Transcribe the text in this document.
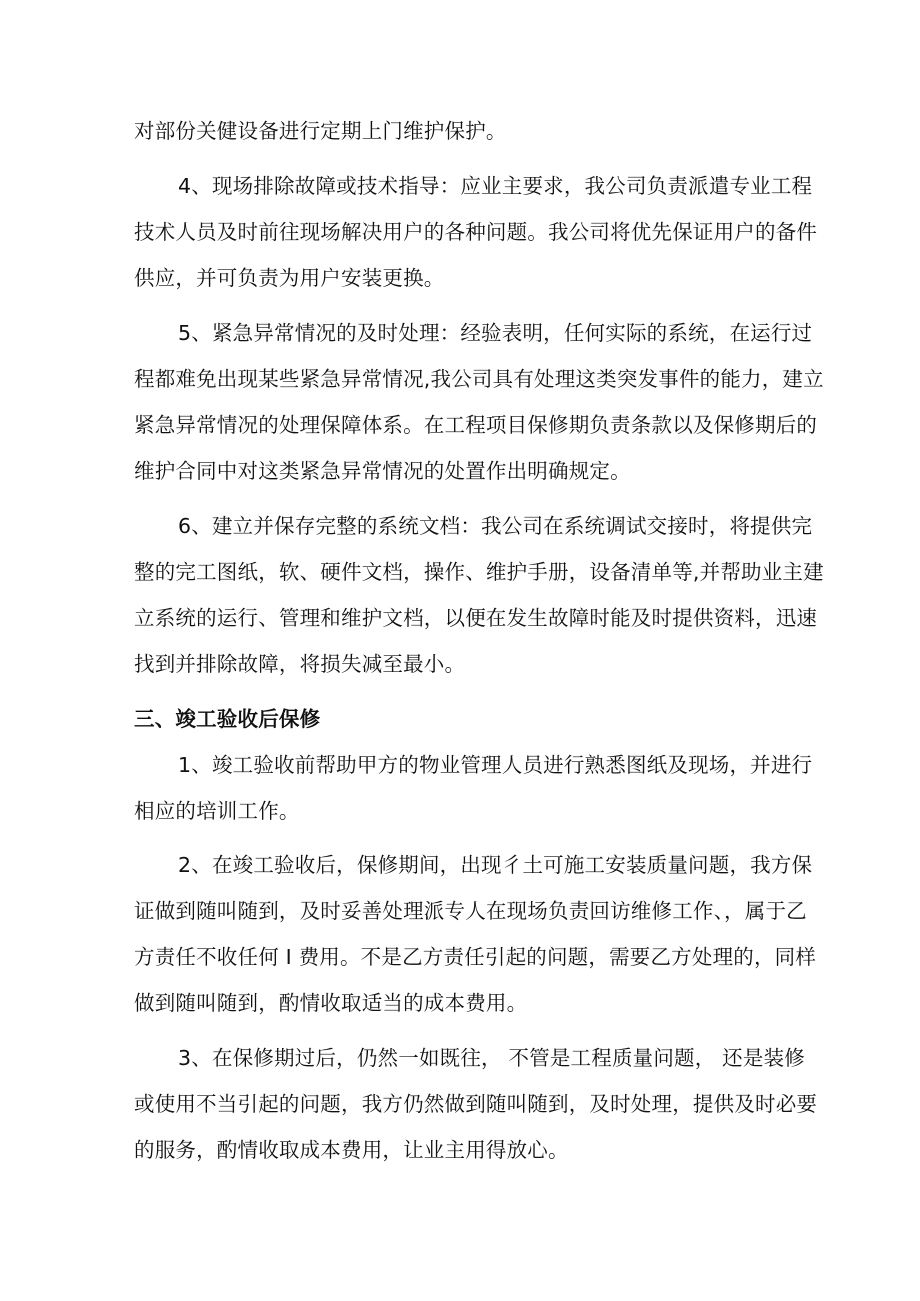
对部份关健设备进行定期上门维护保护。
4、现场排除故障或技术指导：应业主要求，我公司负责派遣专业工程
技术人员及时前往现场解决用户的各种问题。我公司将优先保证用户的备件
供应，并可负责为用户安装更换。
5、紧急异常情况的及时处理：经验表明，任何实际的系统，在运行过
程都难免出现某些紧急异常情况,我公司具有处理这类突发事件的能力，建立
紧急异常情况的处理保障体系。在工程项目保修期负责条款以及保修期后的
维护合同中对这类紧急异常情况的处置作出明确规定。
6、建立并保存完整的系统文档：我公司在系统调试交接时，将提供完
整的完工图纸，软、硬件文档，操作、维护手册，设备清单等,并帮助业主建
立系统的运行、管理和维护文档，以便在发生故障时能及时提供资料，迅速
找到并排除故障，将损失减至最小。
三、竣工验收后保修
1、竣工验收前帮助甲方的物业管理人员进行熟悉图纸及现场，并进行
相应的培训工作。
2、在竣工验收后，保修期间，出现彳土可施工安装质量问题，我方保
证做到随叫随到，及时妥善处理派专人在现场负责回访维修工作、，属于乙
方责任不收任何 I 费用。不是乙方责任引起的问题，需要乙方处理的，同样
做到随叫随到，酌情收取适当的成本费用。
3、在保修期过后，仍然一如既往， 不管是工程质量问题， 还是装修
或使用不当引起的问题，我方仍然做到随叫随到，及时处理，提供及时必要
的服务，酌情收取成本费用，让业主用得放心。
